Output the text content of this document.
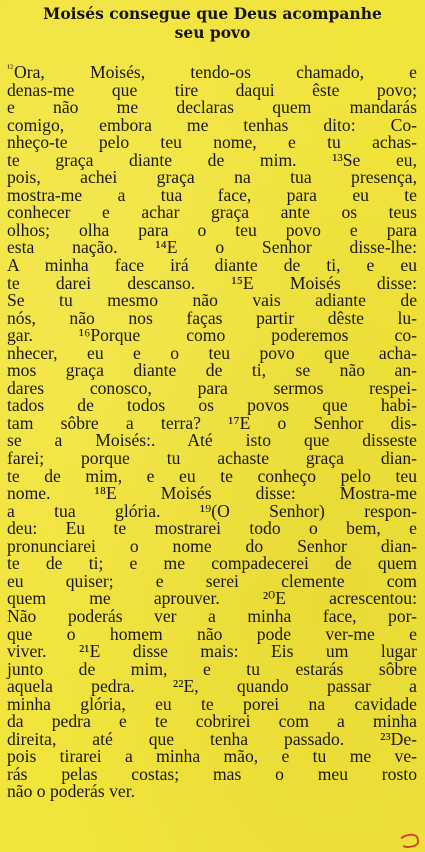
Moisés consegue que Deus acompanhe
seu povo
$^{^{12}}$Ora, Moisés, tendo-os chamado, e
denas-me que tire daqui êste povo;
e não me declaras quem mandarás
comigo, embora me tenhas dito: Co-
nheço-te pelo teu nome, e tu achas-
te graça diante de mim. ¹³Se eu,
pois, achei graça na tua presença,
mostra-me a tua face, para eu te
conhecer e achar graça ante os teus
olhos; olha para o teu povo e para
esta nação. ¹⁴E o Senhor disse-lhe:
A minha face irá diante de ti, e eu
te darei descanso. ¹⁵E Moisés disse:
Se tu mesmo não vais adiante de
nós, não nos faças partir dêste lu-
gar. ¹⁶Porque como poderemos co-
nhecer, eu e o teu povo que acha-
mos graça diante de ti, se não an-
dares conosco, para sermos respei-
tados de todos os povos que habi-
tam sôbre a terra? ¹⁷E o Senhor dis-
se a Moisés:. Até isto que disseste
farei; porque tu achaste graça dian-
te de mim, e eu te conheço pelo teu
nome. ¹⁸E Moisés disse: Mostra-me
a tua glória. ¹⁹(O Senhor) respon-
deu: Eu te mostrarei todo o bem, e
pronunciarei o nome do Senhor dian-
te de ti; e me compadecerei de quem
eu quiser; e serei clemente com
quem me aprouver. ²⁰E acrescentou:
Não poderás ver a minha face, por-
que o homem não pode ver-me e
viver. ²¹E disse mais: Eis um lugar
junto de mim, e tu estarás sôbre
aquela pedra. ²²E, quando passar a
minha glória, eu te porei na cavidade
da pedra e te cobrirei com a minha
direita, até que tenha passado. ²³De-
pois tirarei a minha mão, e tu me ve-
rás pelas costas; mas o meu rosto
não o poderás ver.
